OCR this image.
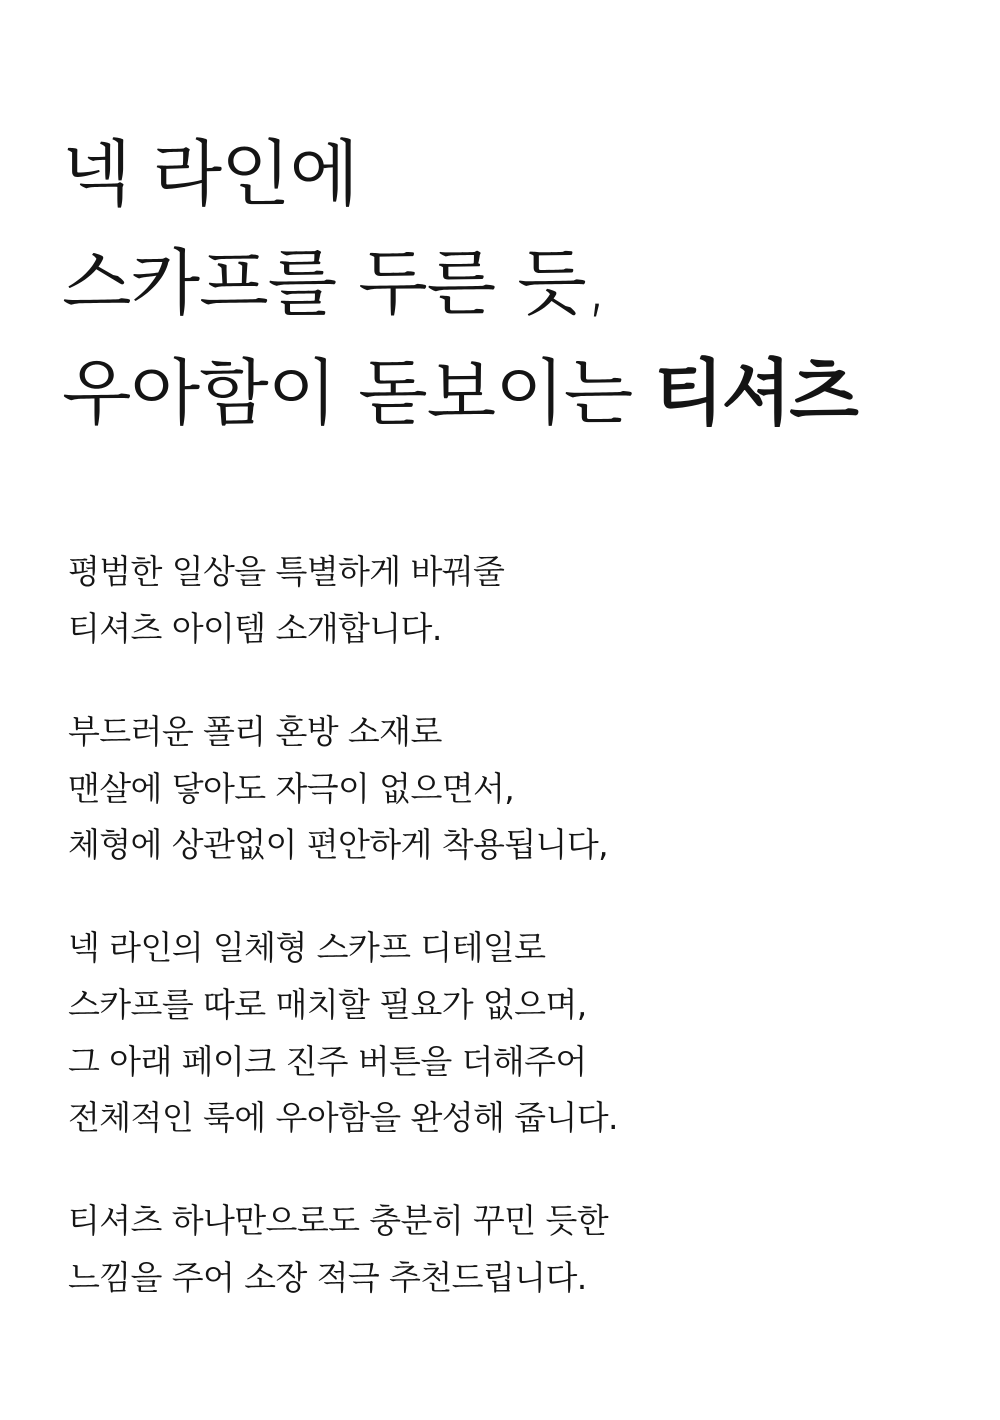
넥 라인에
스카프를 두른 듯,
우아함이 돋보이는 티셔츠

평범한 일상을 특별하게 바꿔줄
티셔츠 아이템 소개합니다.

부드러운 폴리 혼방 소재로
맨살에 닿아도 자극이 없으면서,
체형에 상관없이 편안하게 착용됩니다,

넥 라인의 일체형 스카프 디테일로
스카프를 따로 매치할 필요가 없으며,
그 아래 페이크 진주 버튼을 더해주어
전체적인 룩에 우아함을 완성해 줍니다.

티셔츠 하나만으로도 충분히 꾸민 듯한
느낌을 주어 소장 적극 추천드립니다.
